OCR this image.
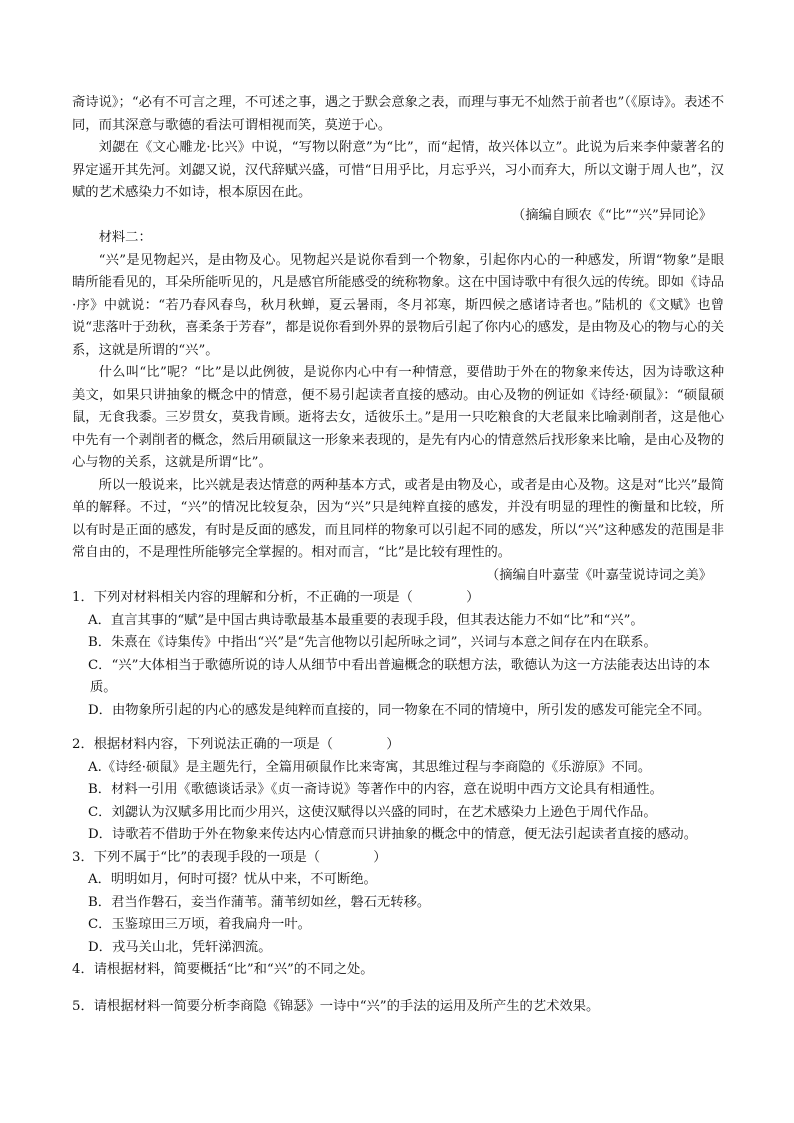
斋诗说》；“必有不可言之理，不可述之事，遇之于默会意象之表，而理与事无不灿然于前者也”（《原诗》。表述不同，而其深意与歌德的看法可谓相视而笑，莫逆于心。

刘勰在《文心雕龙·比兴》中说，“写物以附意”为“比”，而“起情，故兴体以立”。此说为后来李仲蒙著名的界定遥开其先河。刘勰又说，汉代辞赋兴盛，可惜“日用乎比，月忘乎兴，习小而弃大，所以文谢于周人也”，汉赋的艺术感染力不如诗，根本原因在此。

（摘编自顾农《“比”“兴”异同论》

材料二：

“兴”是见物起兴，是由物及心。见物起兴是说你看到一个物象，引起你内心的一种感发，所谓“物象”是眼睛所能看见的，耳朵所能听见的，凡是感官所能感受的统称物象。这在中国诗歌中有很久远的传统。即如《诗品·序》中就说：“若乃春风春鸟，秋月秋蝉，夏云暑雨，冬月祁寒，斯四候之感诸诗者也。”陆机的《文赋》也曾说“悲落叶于劲秋，喜柔条于芳春”，都是说你看到外界的景物后引起了你内心的感发，是由物及心的物与心的关系，这就是所谓的“兴”。

什么叫“比”呢？“比”是以此例彼，是说你内心中有一种情意，要借助于外在的物象来传达，因为诗歌这种美文，如果只讲抽象的概念中的情意，便不易引起读者直接的感动。由心及物的例证如《诗经·硕鼠》：“硕鼠硕鼠，无食我黍。三岁贯女，莫我肯顾。逝将去女，适彼乐土。”是用一只吃粮食的大老鼠来比喻剥削者，这是他心中先有一个剥削者的概念，然后用硕鼠这一形象来表现的，是先有内心的情意然后找形象来比喻，是由心及物的心与物的关系，这就是所谓“比”。

所以一般说来，比兴就是表达情意的两种基本方式，或者是由物及心，或者是由心及物。这是对“比兴”最简单的解释。不过，“兴”的情况比较复杂，因为“兴”只是纯粹直接的感发，并没有明显的理性的衡量和比较，所以有时是正面的感发，有时是反面的感发，而且同样的物象可以引起不同的感发，所以“兴”这种感发的范围是非常自由的，不是理性所能够完全掌握的。相对而言，“比”是比较有理性的。

（摘编自叶嘉莹《叶嘉莹说诗词之美》

1．下列对材料相关内容的理解和分析，不正确的一项是（　　　　）

A．直言其事的“赋”是中国古典诗歌最基本最重要的表现手段，但其表达能力不如“比”和“兴”。

B．朱熹在《诗集传》中指出“兴”是“先言他物以引起所咏之词”，兴词与本意之间存在内在联系。

C．“兴”大体相当于歌德所说的诗人从细节中看出普遍概念的联想方法，歌德认为这一方法能表达出诗的本质。

D．由物象所引起的内心的感发是纯粹而直接的，同一物象在不同的情境中，所引发的感发可能完全不同。

2．根据材料内容，下列说法正确的一项是（　　　　）

A.《诗经·硕鼠》是主题先行，全篇用硕鼠作比来寄寓，其思维过程与李商隐的《乐游原》不同。

B．材料一引用《歌德谈话录》《贞一斋诗说》等著作中的内容，意在说明中西方文论具有相通性。

C．刘勰认为汉赋多用比而少用兴，这使汉赋得以兴盛的同时，在艺术感染力上逊色于周代作品。

D．诗歌若不借助于外在物象来传达内心情意而只讲抽象的概念中的情意，便无法引起读者直接的感动。

3．下列不属于“比”的表现手段的一项是（　　　　）

A．明明如月，何时可掇？忧从中来，不可断绝。

B．君当作磐石，妾当作蒲苇。蒲苇纫如丝，磐石无转移。

C．玉鉴琼田三万顷，着我扁舟一叶。

D．戎马关山北，凭轩涕泗流。

4．请根据材料，简要概括“比”和“兴”的不同之处。

5．请根据材料一简要分析李商隐《锦瑟》一诗中“兴”的手法的运用及所产生的艺术效果。
